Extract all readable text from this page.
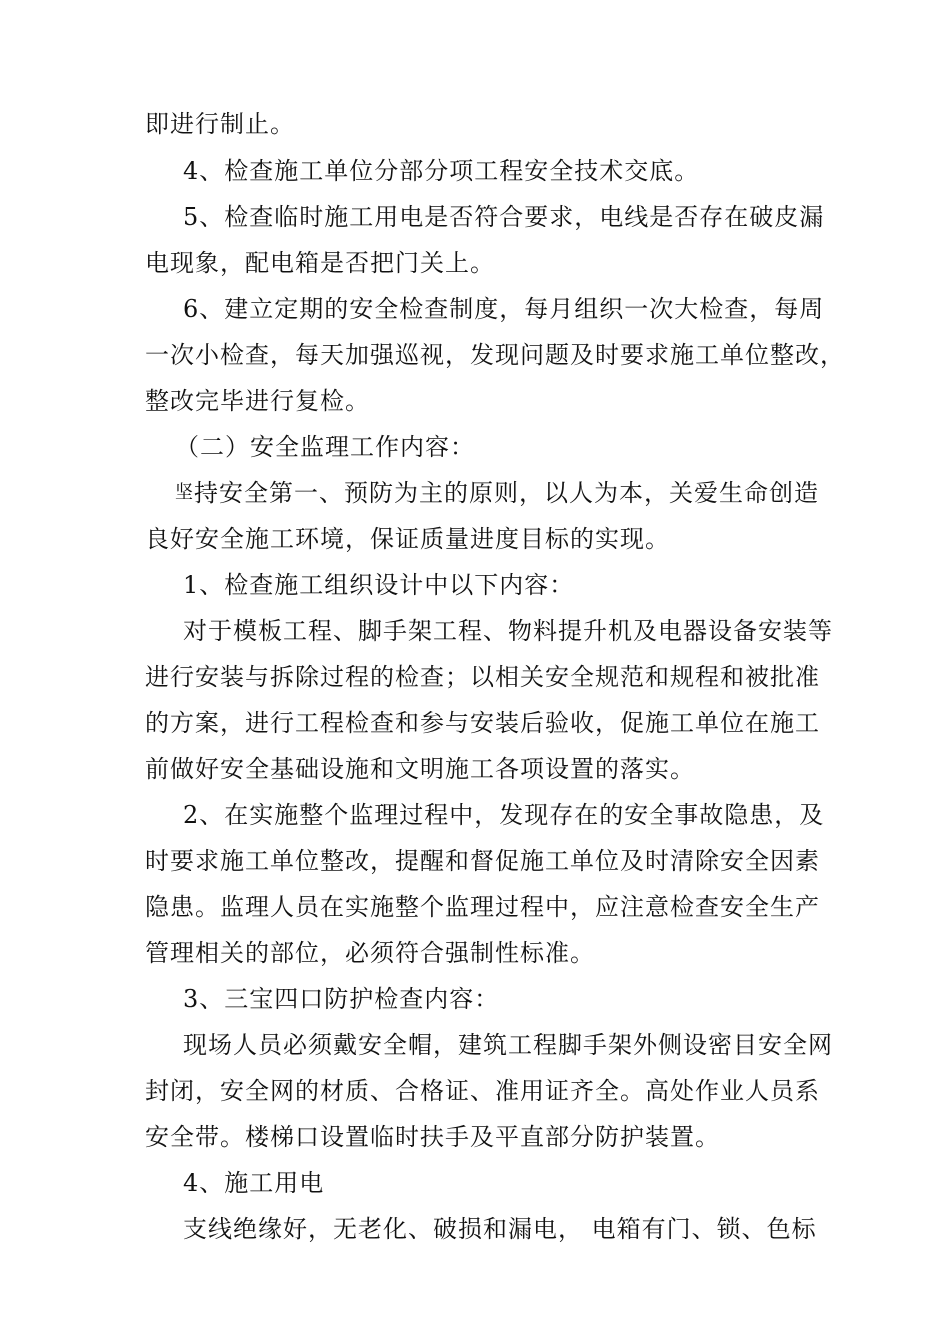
即进行制止。
4、检查施工单位分部分项工程安全技术交底。
5、检查临时施工用电是否符合要求，电线是否存在破皮漏
电现象，配电箱是否把门关上。
6、建立定期的安全检查制度，每月组织一次大检查，每周
一次小检查，每天加强巡视，发现问题及时要求施工单位整改，
整改完毕进行复检。
（二）安全监理工作内容：
坚 持安全第一、预防为主的原则，以人为本，关爱生命创造
良好安全施工环境，保证质量进度目标的实现。
1、检查施工组织设计中以下内容：
对于模板工程、脚手架工程、物料提升机及电器设备安装等
进行安装与拆除过程的检查；以相关安全规范和规程和被批准
的方案，进行工程检查和参与安装后验收，促施工单位在施工
前做好安全基础设施和文明施工各项设置的落实。
2、在实施整个监理过程中，发现存在的安全事故隐患，及
时要求施工单位整改，提醒和督促施工单位及时清除安全因素
隐患。监理人员在实施整个监理过程中，应注意检查安全生产
管理相关的部位，必须符合强制性标准。
3、三宝四口防护检查内容：
现场人员必须戴安全帽，建筑工程脚手架外侧设密目安全网
封闭，安全网的材质、合格证、准用证齐全。高处作业人员系
安全带。楼梯口设置临时扶手及平直部分防护装置。
4、施工用电
支线绝缘好，无老化、破损和漏电， 电箱有门、锁、色标
